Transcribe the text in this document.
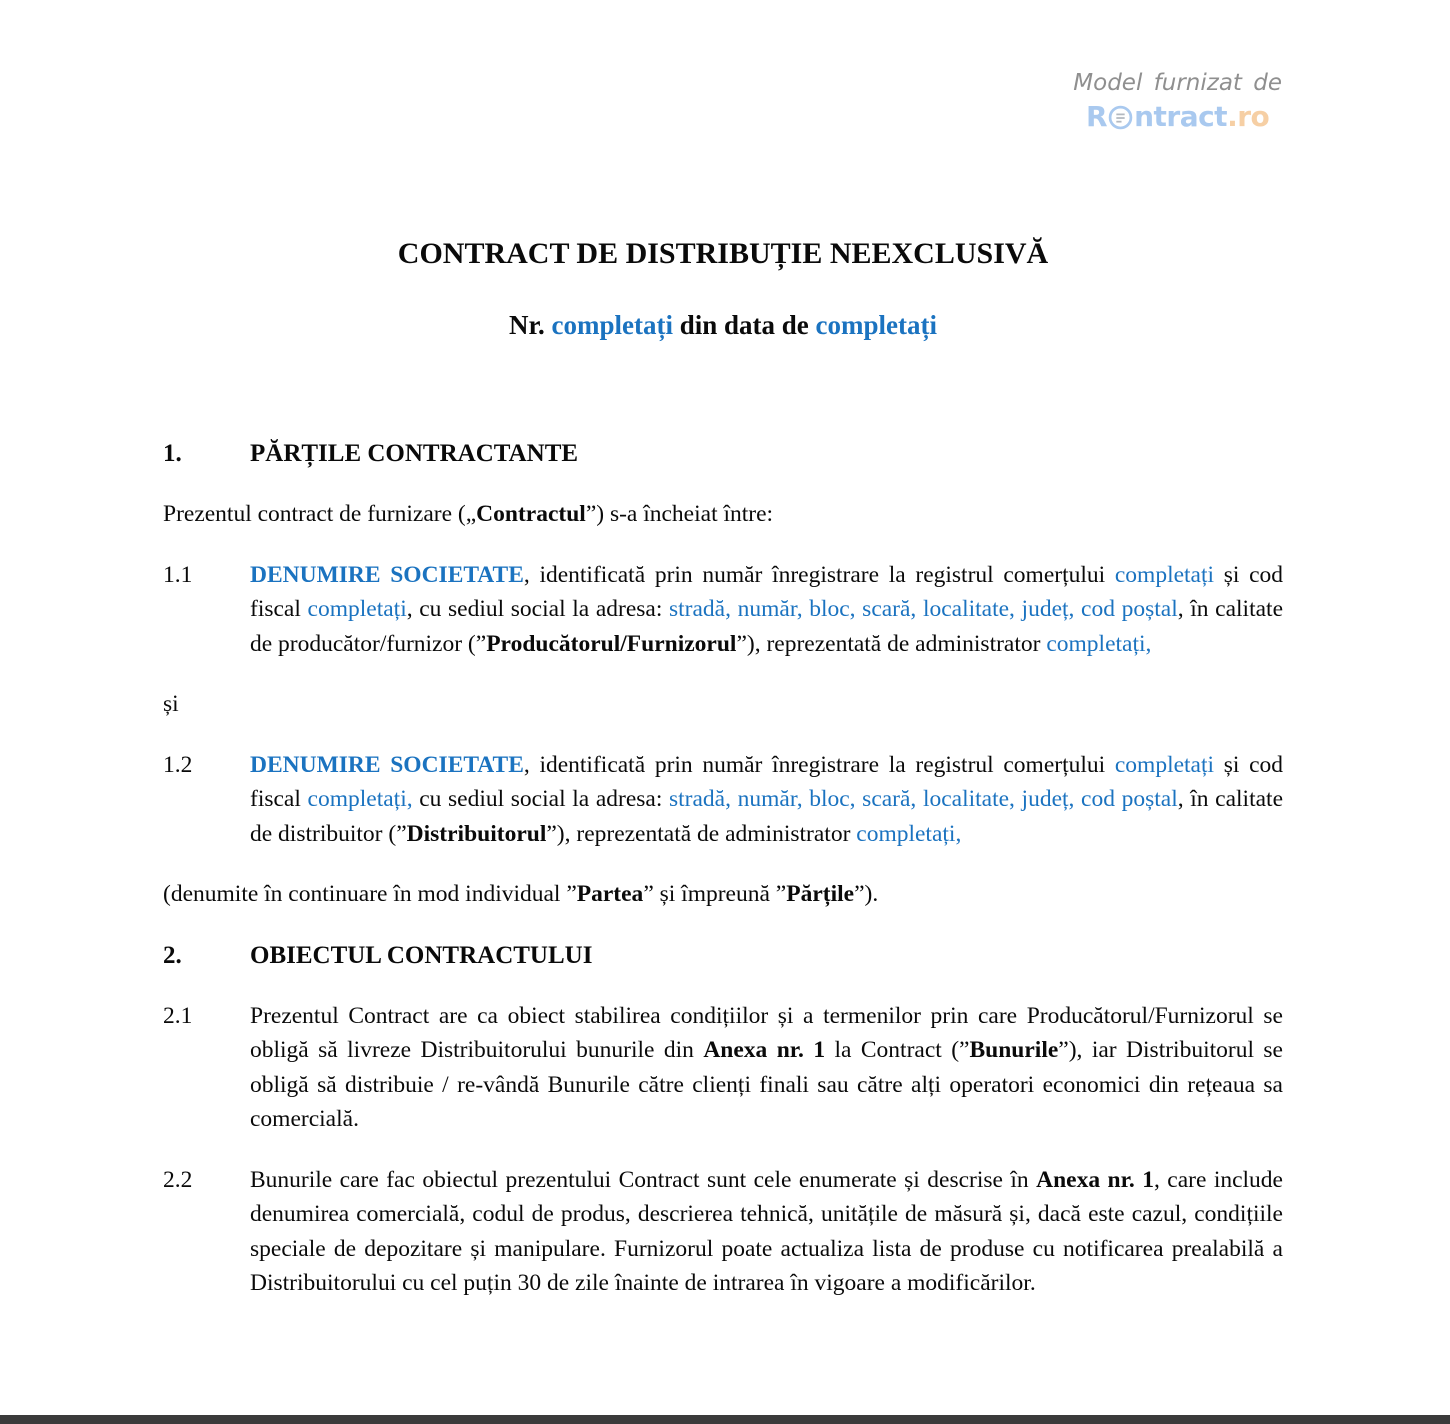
Model furnizat de
R ntract .ro
CONTRACT DE DISTRIBUȚIE NEEXCLUSIVĂ
Nr. completați din data de completați
1.	PĂRȚILE CONTRACTANTE
Prezentul contract de furnizare („Contractul”) s-a încheiat între:
1.1	DENUMIRE SOCIETATE, identificată prin număr înregistrare la registrul comerțului completați și cod fiscal completați, cu sediul social la adresa: stradă, număr, bloc, scară, localitate, județ, cod poștal, în calitate de producător/furnizor (”Producătorul/Furnizorul”), reprezentată de administrator completați,
și
1.2	DENUMIRE SOCIETATE, identificată prin număr înregistrare la registrul comerțului completați și cod fiscal completați, cu sediul social la adresa: stradă, număr, bloc, scară, localitate, județ, cod poștal, în calitate de distribuitor (”Distribuitorul”), reprezentată de administrator completați,
(denumite în continuare în mod individual ”Partea” și împreună ”Părțile”).
2.	OBIECTUL CONTRACTULUI
2.1	Prezentul Contract are ca obiect stabilirea condițiilor și a termenilor prin care Producătorul/Furnizorul se obligă să livreze Distribuitorului bunurile din Anexa nr. 1 la Contract (”Bunurile”), iar Distribuitorul se obligă să distribuie / re-vândă Bunurile către clienți finali sau către alți operatori economici din rețeaua sa comercială.
2.2	Bunurile care fac obiectul prezentului Contract sunt cele enumerate și descrise în Anexa nr. 1, care include denumirea comercială, codul de produs, descrierea tehnică, unitățile de măsură și, dacă este cazul, condițiile speciale de depozitare și manipulare. Furnizorul poate actualiza lista de produse cu notificarea prealabilă a Distribuitorului cu cel puțin 30 de zile înainte de intrarea în vigoare a modificărilor.
